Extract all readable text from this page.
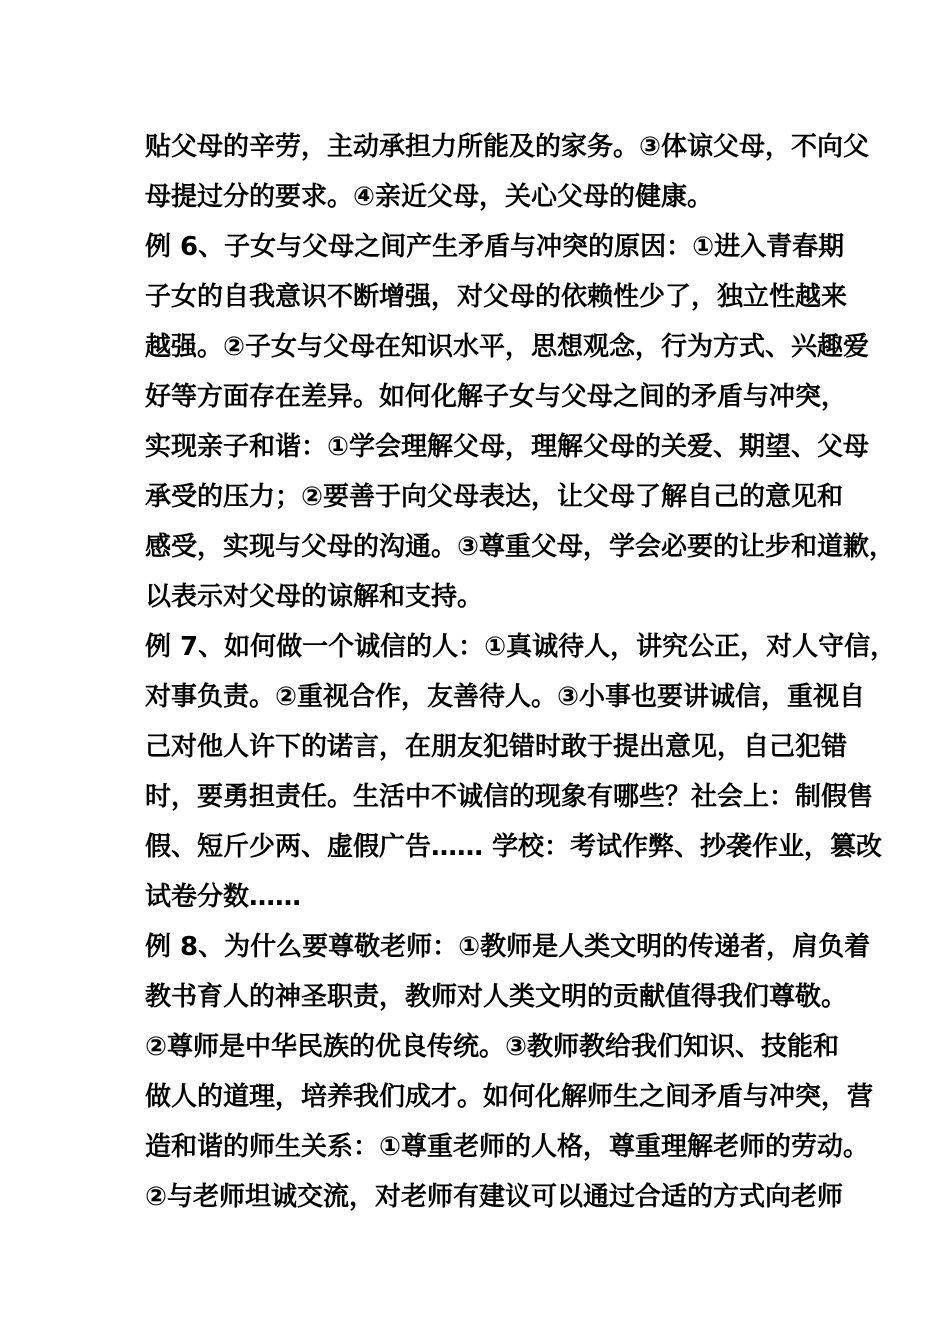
贴父母的辛劳，主动承担力所能及的家务。③体谅父母，不向父
母提过分的要求。④亲近父母，关心父母的健康。
例 6、子女与父母之间产生矛盾与冲突的原因：①进入青春期
子女的自我意识不断增强，对父母的依赖性少了，独立性越来
越强。②子女与父母在知识水平，思想观念，行为方式、兴趣爱
好等方面存在差异。如何化解子女与父母之间的矛盾与冲突，
实现亲子和谐：①学会理解父母，理解父母的关爱、期望、父母
承受的压力；②要善于向父母表达，让父母了解自己的意见和
感受，实现与父母的沟通。③尊重父母，学会必要的让步和道歉，
以表示对父母的谅解和支持。
例 7、如何做一个诚信的人：①真诚待人，讲究公正，对人守信，
对事负责。②重视合作，友善待人。③小事也要讲诚信，重视自
己对他人许下的诺言，在朋友犯错时敢于提出意见，自己犯错
时，要勇担责任。生活中不诚信的现象有哪些？社会上：制假售
假、短斤少两、虚假广告…… 学校：考试作弊、抄袭作业，篡改
试卷分数……
例 8、为什么要尊敬老师：①教师是人类文明的传递者，肩负着
教书育人的神圣职责，教师对人类文明的贡献值得我们尊敬。
②尊师是中华民族的优良传统。③教师教给我们知识、技能和
做人的道理，培养我们成才。如何化解师生之间矛盾与冲突，营
造和谐的师生关系：①尊重老师的人格，尊重理解老师的劳动。
②与老师坦诚交流，对老师有建议可以通过合适的方式向老师
